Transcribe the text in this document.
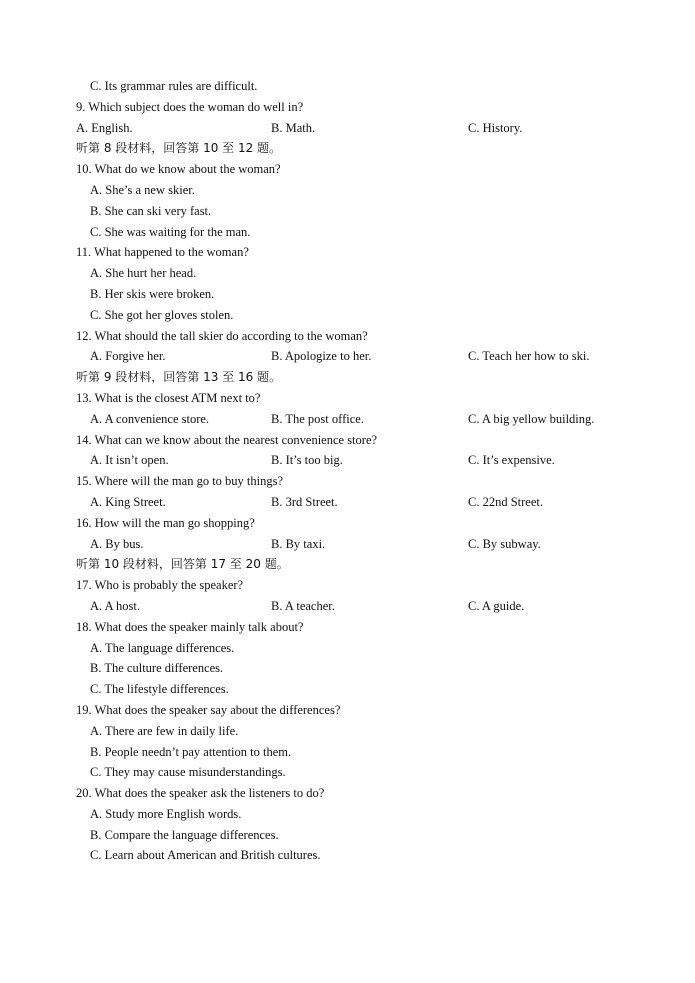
C. Its grammar rules are difficult.
9. Which subject does the woman do well in?
A. English.	B. Math.	C. History.
听第 8 段材料，回答第 10 至 12 题。
10. What do we know about the woman?
A. She’s a new skier.
B. She can ski very fast.
C. She was waiting for the man.
11. What happened to the woman?
A. She hurt her head.
B. Her skis were broken.
C. She got her gloves stolen.
12. What should the tall skier do according to the woman?
A. Forgive her.	B. Apologize to her.	C. Teach her how to ski.
听第 9 段材料，回答第 13 至 16 题。
13. What is the closest ATM next to?
A. A convenience store.	B. The post office.	C. A big yellow building.
14. What can we know about the nearest convenience store?
A. It isn’t open.	B. It’s too big.	C. It’s expensive.
15. Where will the man go to buy things?
A. King Street.	B. 3rd Street.	C. 22nd Street.
16. How will the man go shopping?
A. By bus.	B. By taxi.	C. By subway.
听第 10 段材料，回答第 17 至 20 题。
17. Who is probably the speaker?
A. A host.	B. A teacher.	C. A guide.
18. What does the speaker mainly talk about?
A. The language differences.
B. The culture differences.
C. The lifestyle differences.
19. What does the speaker say about the differences?
A. There are few in daily life.
B. People needn’t pay attention to them.
C. They may cause misunderstandings.
20. What does the speaker ask the listeners to do?
A. Study more English words.
B. Compare the language differences.
C. Learn about American and British cultures.
